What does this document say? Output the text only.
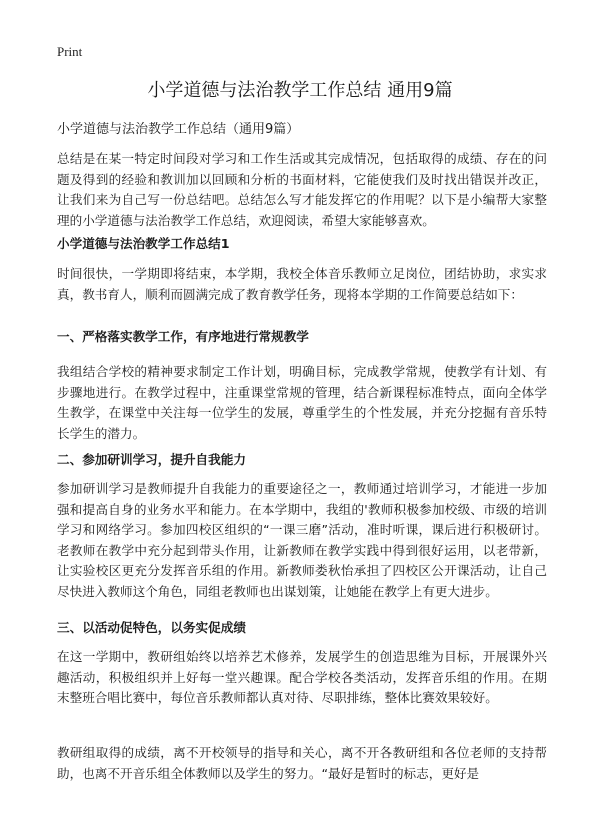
Print
小学道德与法治教学工作总结 通用9篇
小学道德与法治教学工作总结（通用9篇）
总结是在某一特定时间段对学习和工作生活或其完成情况，包括取得的成绩、存在的问题及得到的经验和教训加以回顾和分析的书面材料，它能使我们及时找出错误并改正，让我们来为自己写一份总结吧。总结怎么写才能发挥它的作用呢？以下是小编帮大家整理的小学道德与法治教学工作总结，欢迎阅读，希望大家能够喜欢。
小学道德与法治教学工作总结1
时间很快，一学期即将结束，本学期，我校全体音乐教师立足岗位，团结协助，求实求真，教书育人，顺利而圆满完成了教育教学任务，现将本学期的工作简要总结如下：
一、严格落实教学工作，有序地进行常规教学
我组结合学校的精神要求制定工作计划，明确目标，完成教学常规，使教学有计划、有步骤地进行。在教学过程中，注重课堂常规的管理，结合新课程标准特点，面向全体学生教学，在课堂中关注每一位学生的发展，尊重学生的个性发展，并充分挖掘有音乐特长学生的潜力。
二、参加研训学习，提升自我能力
参加研训学习是教师提升自我能力的重要途径之一，教师通过培训学习，才能进一步加强和提高自身的业务水平和能力。在本学期中，我组的'教师积极参加校级、市级的培训学习和网络学习。参加四校区组织的“一课三磨”活动，准时听课，课后进行积极研讨。老教师在教学中充分起到带头作用，让新教师在教学实践中得到很好运用，以老带新，让实验校区更充分发挥音乐组的作用。新教师娄秋怡承担了四校区公开课活动，让自己尽快进入教师这个角色，同组老教师也出谋划策，让她能在教学上有更大进步。
三、以活动促特色，以务实促成绩
在这一学期中，教研组始终以培养艺术修养，发展学生的创造思维为目标，开展课外兴趣活动，积极组织并上好每一堂兴趣课。配合学校各类活动，发挥音乐组的作用。在期末整班合唱比赛中，每位音乐教师都认真对待、尽职排练，整体比赛效果较好。
教研组取得的成绩，离不开校领导的指导和关心，离不开各教研组和各位老师的支持帮助，也离不开音乐组全体教师以及学生的努力。“最好是暂时的标志，更好是
